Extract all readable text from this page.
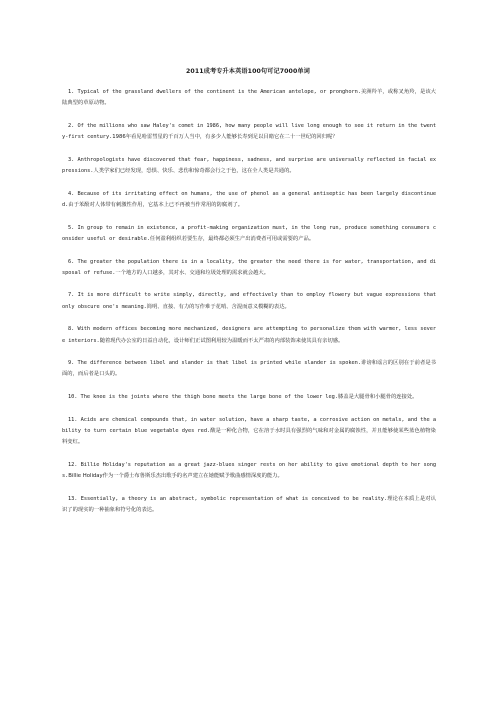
2011成考专升本英语100句可记7000单词

1. Typical of the grassland dwellers of the continent is the American antelope, or pronghorn.美洲羚羊，或称叉角羚，是该大陆典型的草原动物。

2. Of the millions who saw Haley's comet in 1986, how many people will live long enough to see it return in the twenty-first century.1986年看见哈雷彗星的千百万人当中，有多少人能够长寿到足以目睹它在二十一世纪的回归呢？

3. Anthropologists have discovered that fear, happiness, sadness, and surprise are universally reflected in facial expressions.人类学家们已经发现，恐惧、快乐、悲伤和惊奇都会行之于色，这在全人类是共通的。

4. Because of its irritating effect on humans, the use of phenol as a general antiseptic has been largely discontinued.由于苯酚对人体带有刺激性作用，它基本上已不再被当作常用的防腐剂了。

5. In group to remain in existence, a profit-making organization must, in the long run, produce something consumers consider useful or desirable.任何盈利组织若要生存，最终都必须生产出消费者可用或需要的产品。

6. The greater the population there is in a locality, the greater the need there is for water, transportation, and disposal of refuse.一个地方的人口越多，其对水、交通和垃圾处理的需求就会越大。

7. It is more difficult to write simply, directly, and effectively than to employ flowery but vague expressions that only obscure one's meaning.简明、直接、有力的写作难于花哨、含混而意义模糊的表达。

8. With modern offices becoming more mechanized, designers are attempting to personalize them with warmer, less severe interiors.随着现代办公室的日益自动化，设计师们正试图利用较为温暖而不太严肃的内部装饰来使其具有亲切感。

9. The difference between libel and slander is that libel is printed while slander is spoken.诽谤和谣言的区别在于前者是书面的，而后者是口头的。

10. The knee is the joints where the thigh bone meets the large bone of the lower leg.膝盖是大腿骨和小腿骨的连接处。

11. Acids are chemical compounds that, in water solution, have a sharp taste, a corrosive action on metals, and the ability to turn certain blue vegetable dyes red.酸是一种化合物，它在溶于水时具有强烈的气味和对金属的腐蚀性，并且能够使某些蓝色植物染料变红。

12. Billie Holiday's reputation as a great jazz-blues singer rests on her ability to give emotional depth to her songs.Billie Holiday作为一个爵士布鲁斯乐杰出歌手的名声建立在她能赋予歌曲感情深度的能力。

13. Essentially, a theory is an abstract, symbolic representation of what is conceived to be reality.理论在本质上是对认识了的现实的一种抽象和符号化的表达。
